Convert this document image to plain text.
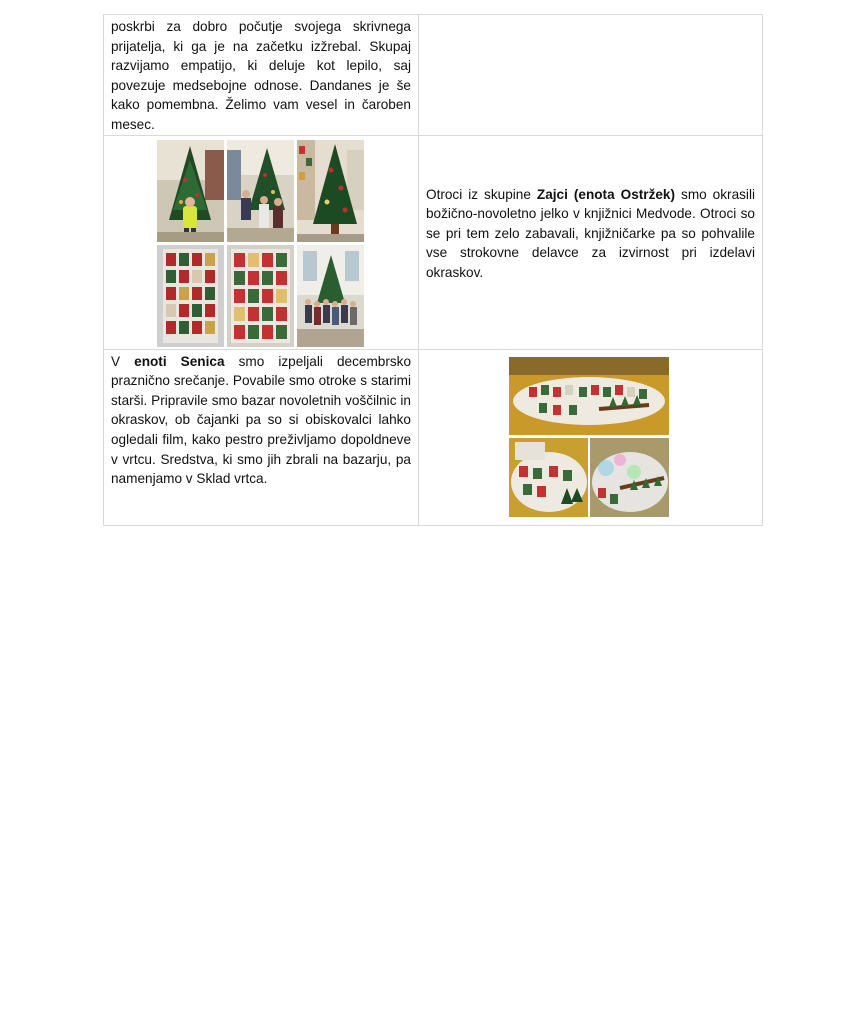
poskrbi za dobro počutje svojega skrivnega prijatelja, ki ga je na začetku izžrebal. Skupaj razvijamo empatijo, ki deluje kot lepilo, saj povezuje medsebojne odnose. Dandanes je še kako pomembna. Želimo vam vesel in čaroben mesec.	

Otroci iz skupine Zajci (enota Ostržek) smo okrasili božično-novoletno jelko v knjižnici Medvode. Otroci so se pri tem zelo zabavali, knjižničarke pa so pohvalile vse strokovne delavce za izvirnost pri izdelavi okraskov.

V enoti Senica smo izpeljali decembrsko praznično srečanje. Povabile smo otroke s starimi starši. Pripravile smo bazar novoletnih voščilnic in okraskov, ob čajanki pa so si obiskovalci lahko ogledali film, kako pestro preživljamo dopoldneve v vrtcu. Sredstva, ki smo jih zbrali na bazarju, pa namenjamo v Sklad vrtca.
